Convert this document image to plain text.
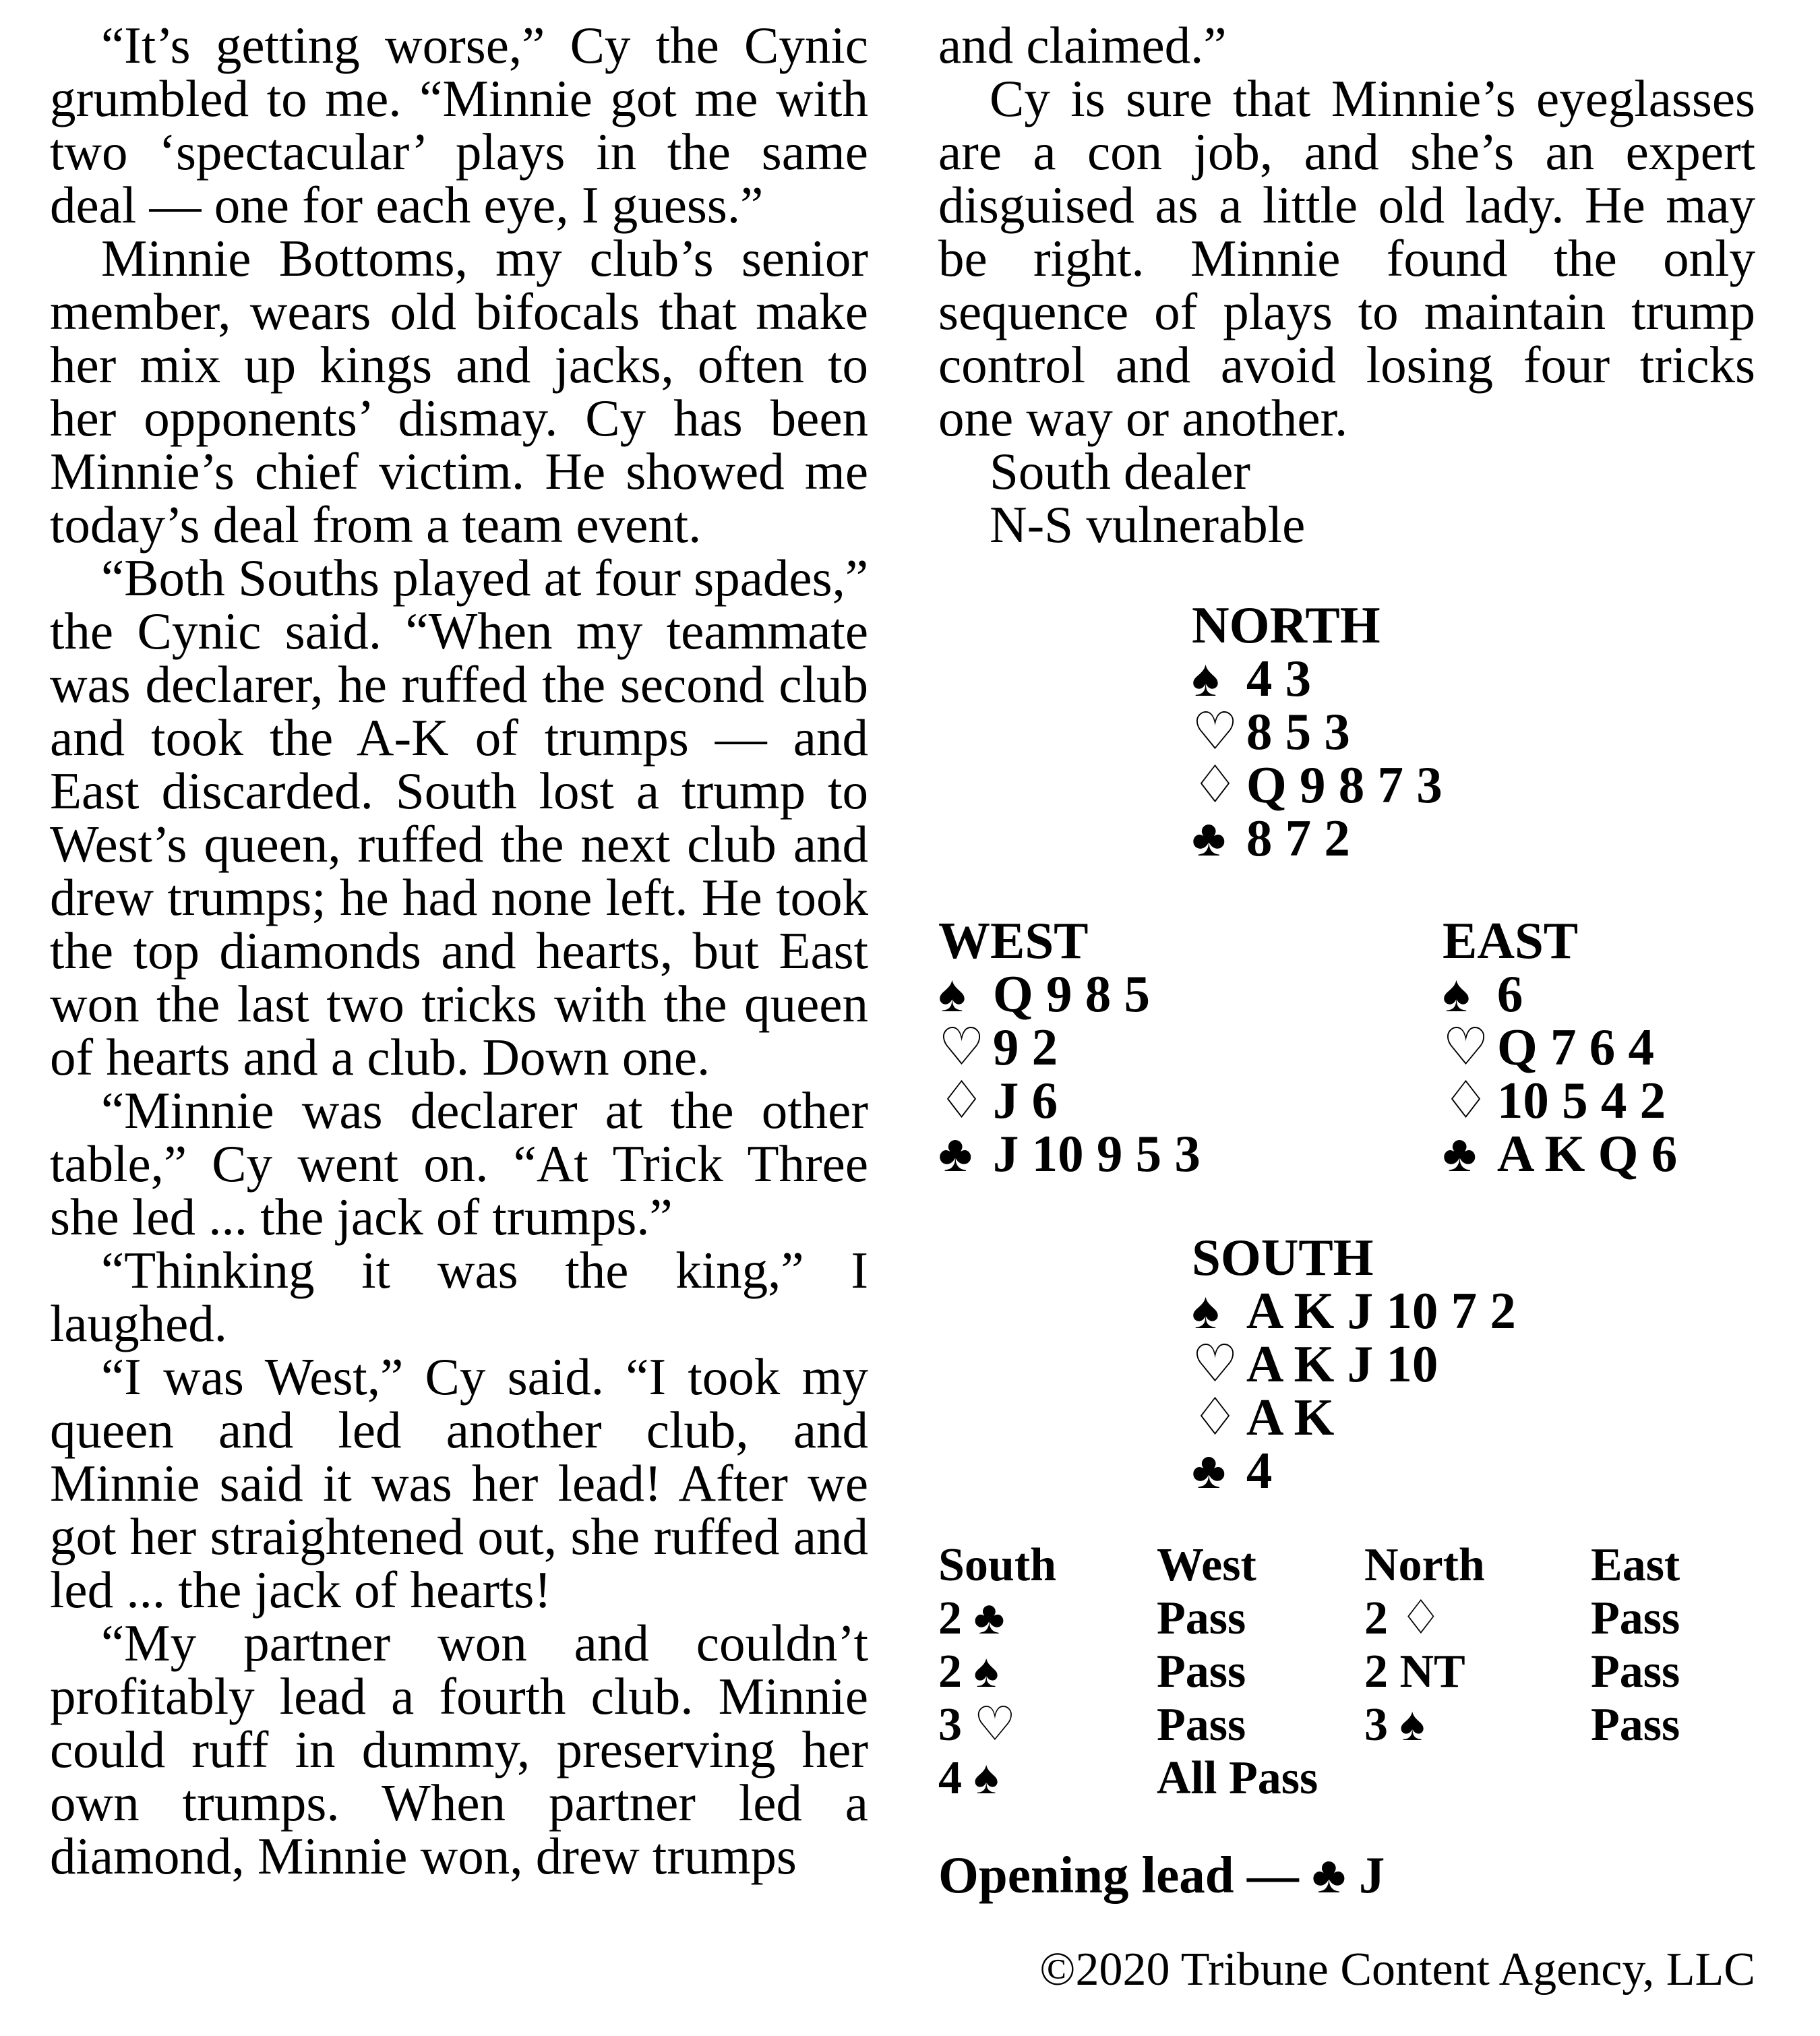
“It’s getting worse,” Cy the Cynic grumbled to me. “Minnie got me with two ‘spectacular’ plays in the same deal — one for each eye, I guess.”

Minnie Bottoms, my club’s senior member, wears old bifocals that make her mix up kings and jacks, often to her opponents’ dismay. Cy has been Minnie’s chief victim. He showed me today’s deal from a team event.

“Both Souths played at four spades,” the Cynic said. “When my teammate was declarer, he ruffed the second club and took the A-K of trumps — and East discarded. South lost a trump to West’s queen, ruffed the next club and drew trumps; he had none left. He took the top diamonds and hearts, but East won the last two tricks with the queen of hearts and a club. Down one.

“Minnie was declarer at the other table,” Cy went on. “At Trick Three she led ... the jack of trumps.”

“Thinking it was the king,” I laughed.

“I was West,” Cy said. “I took my queen and led another club, and Minnie said it was her lead! After we got her straightened out, she ruffed and led ... the jack of hearts!

“My partner won and couldn’t profitably lead a fourth club. Minnie could ruff in dummy, preserving her own trumps. When partner led a diamond, Minnie won, drew trumps

and claimed.”

Cy is sure that Minnie’s eyeglasses are a con job, and she’s an expert disguised as a little old lady. He may be right. Minnie found the only sequence of plays to maintain trump control and avoid losing four tricks one way or another.

South dealer
N-S vulnerable
NORTH
♠ 4 3
♡ 8 5 3
♢ Q 9 8 7 3
♣ 8 7 2
WEST
♠ Q 9 8 5
♡ 9 2
♢ J 6
♣ J 10 9 5 3
EAST
♠ 6
♡ Q 7 6 4
♢ 10 5 4 2
♣ A K Q 6
SOUTH
♠ A K J 10 7 2
♡ A K J 10
♢ A K
♣ 4
South West North East
2 ♣	Pass	2 ♢	Pass
2 ♠	Pass	2 NT	Pass
3 ♡	Pass	3 ♠	Pass
4 ♠	All Pass
Opening lead — ♣ J
©2020 Tribune Content Agency, LLC
